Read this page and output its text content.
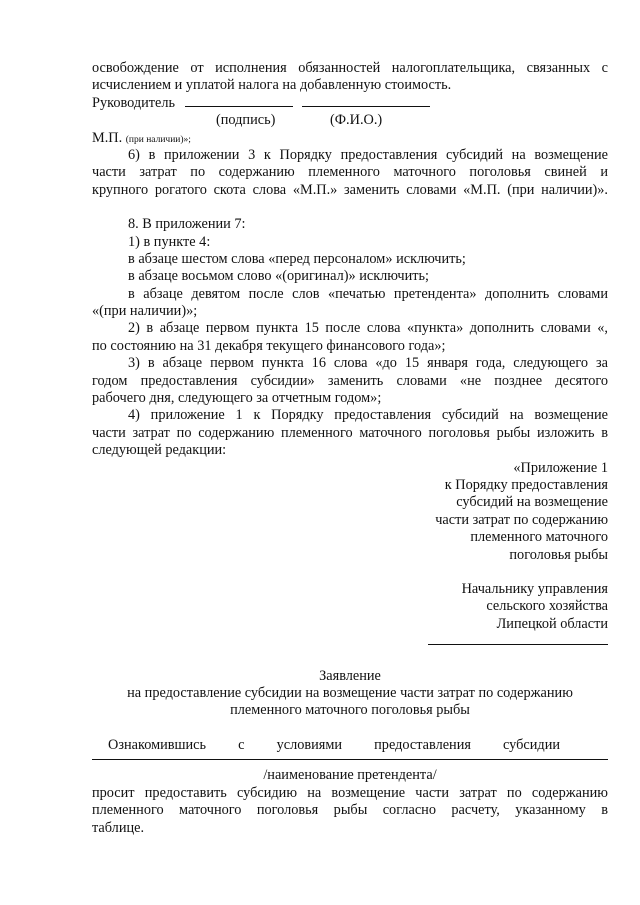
освобождение от исполнения обязанностей налогоплательщика, связанных с
исчислением и уплатой налога на добавленную стоимость.
Руководитель
(подпись)	(Ф.И.О.)
М.П. (при наличии)»;
6) в приложении 3 к Порядку предоставления субсидий на возмещение
части затрат по содержанию племенного маточного поголовья свиней и
крупного рогатого скота слова «М.П.» заменить словами «М.П. (при наличии)».
8. В приложении 7:
1) в пункте 4:
в абзаце шестом слова «перед персоналом» исключить;
в абзаце восьмом слово «(оригинал)» исключить;
в абзаце девятом после слов «печатью претендента» дополнить словами
«(при наличии)»;
2) в абзаце первом пункта 15 после слова «пункта» дополнить словами «,
по состоянию на 31 декабря текущего финансового года»;
3) в абзаце первом пункта 16 слова «до 15 января года, следующего за
годом предоставления субсидии» заменить словами «не позднее десятого
рабочего дня, следующего за отчетным годом»;
4) приложение 1 к Порядку предоставления субсидий на возмещение
части затрат по содержанию племенного маточного поголовья рыбы изложить в
следующей редакции:
«Приложение 1
к Порядку предоставления
субсидий на возмещение
части затрат по содержанию
племенного маточного
поголовья рыбы
Начальнику управления
сельского хозяйства
Липецкой области
Заявление
на предоставление субсидии на возмещение части затрат по содержанию
племенного маточного поголовья рыбы
Ознакомившись с условиями предоставления субсидии
/наименование претендента/
просит предоставить субсидию на возмещение части затрат по содержанию
племенного маточного поголовья рыбы согласно расчету, указанному в
таблице.
